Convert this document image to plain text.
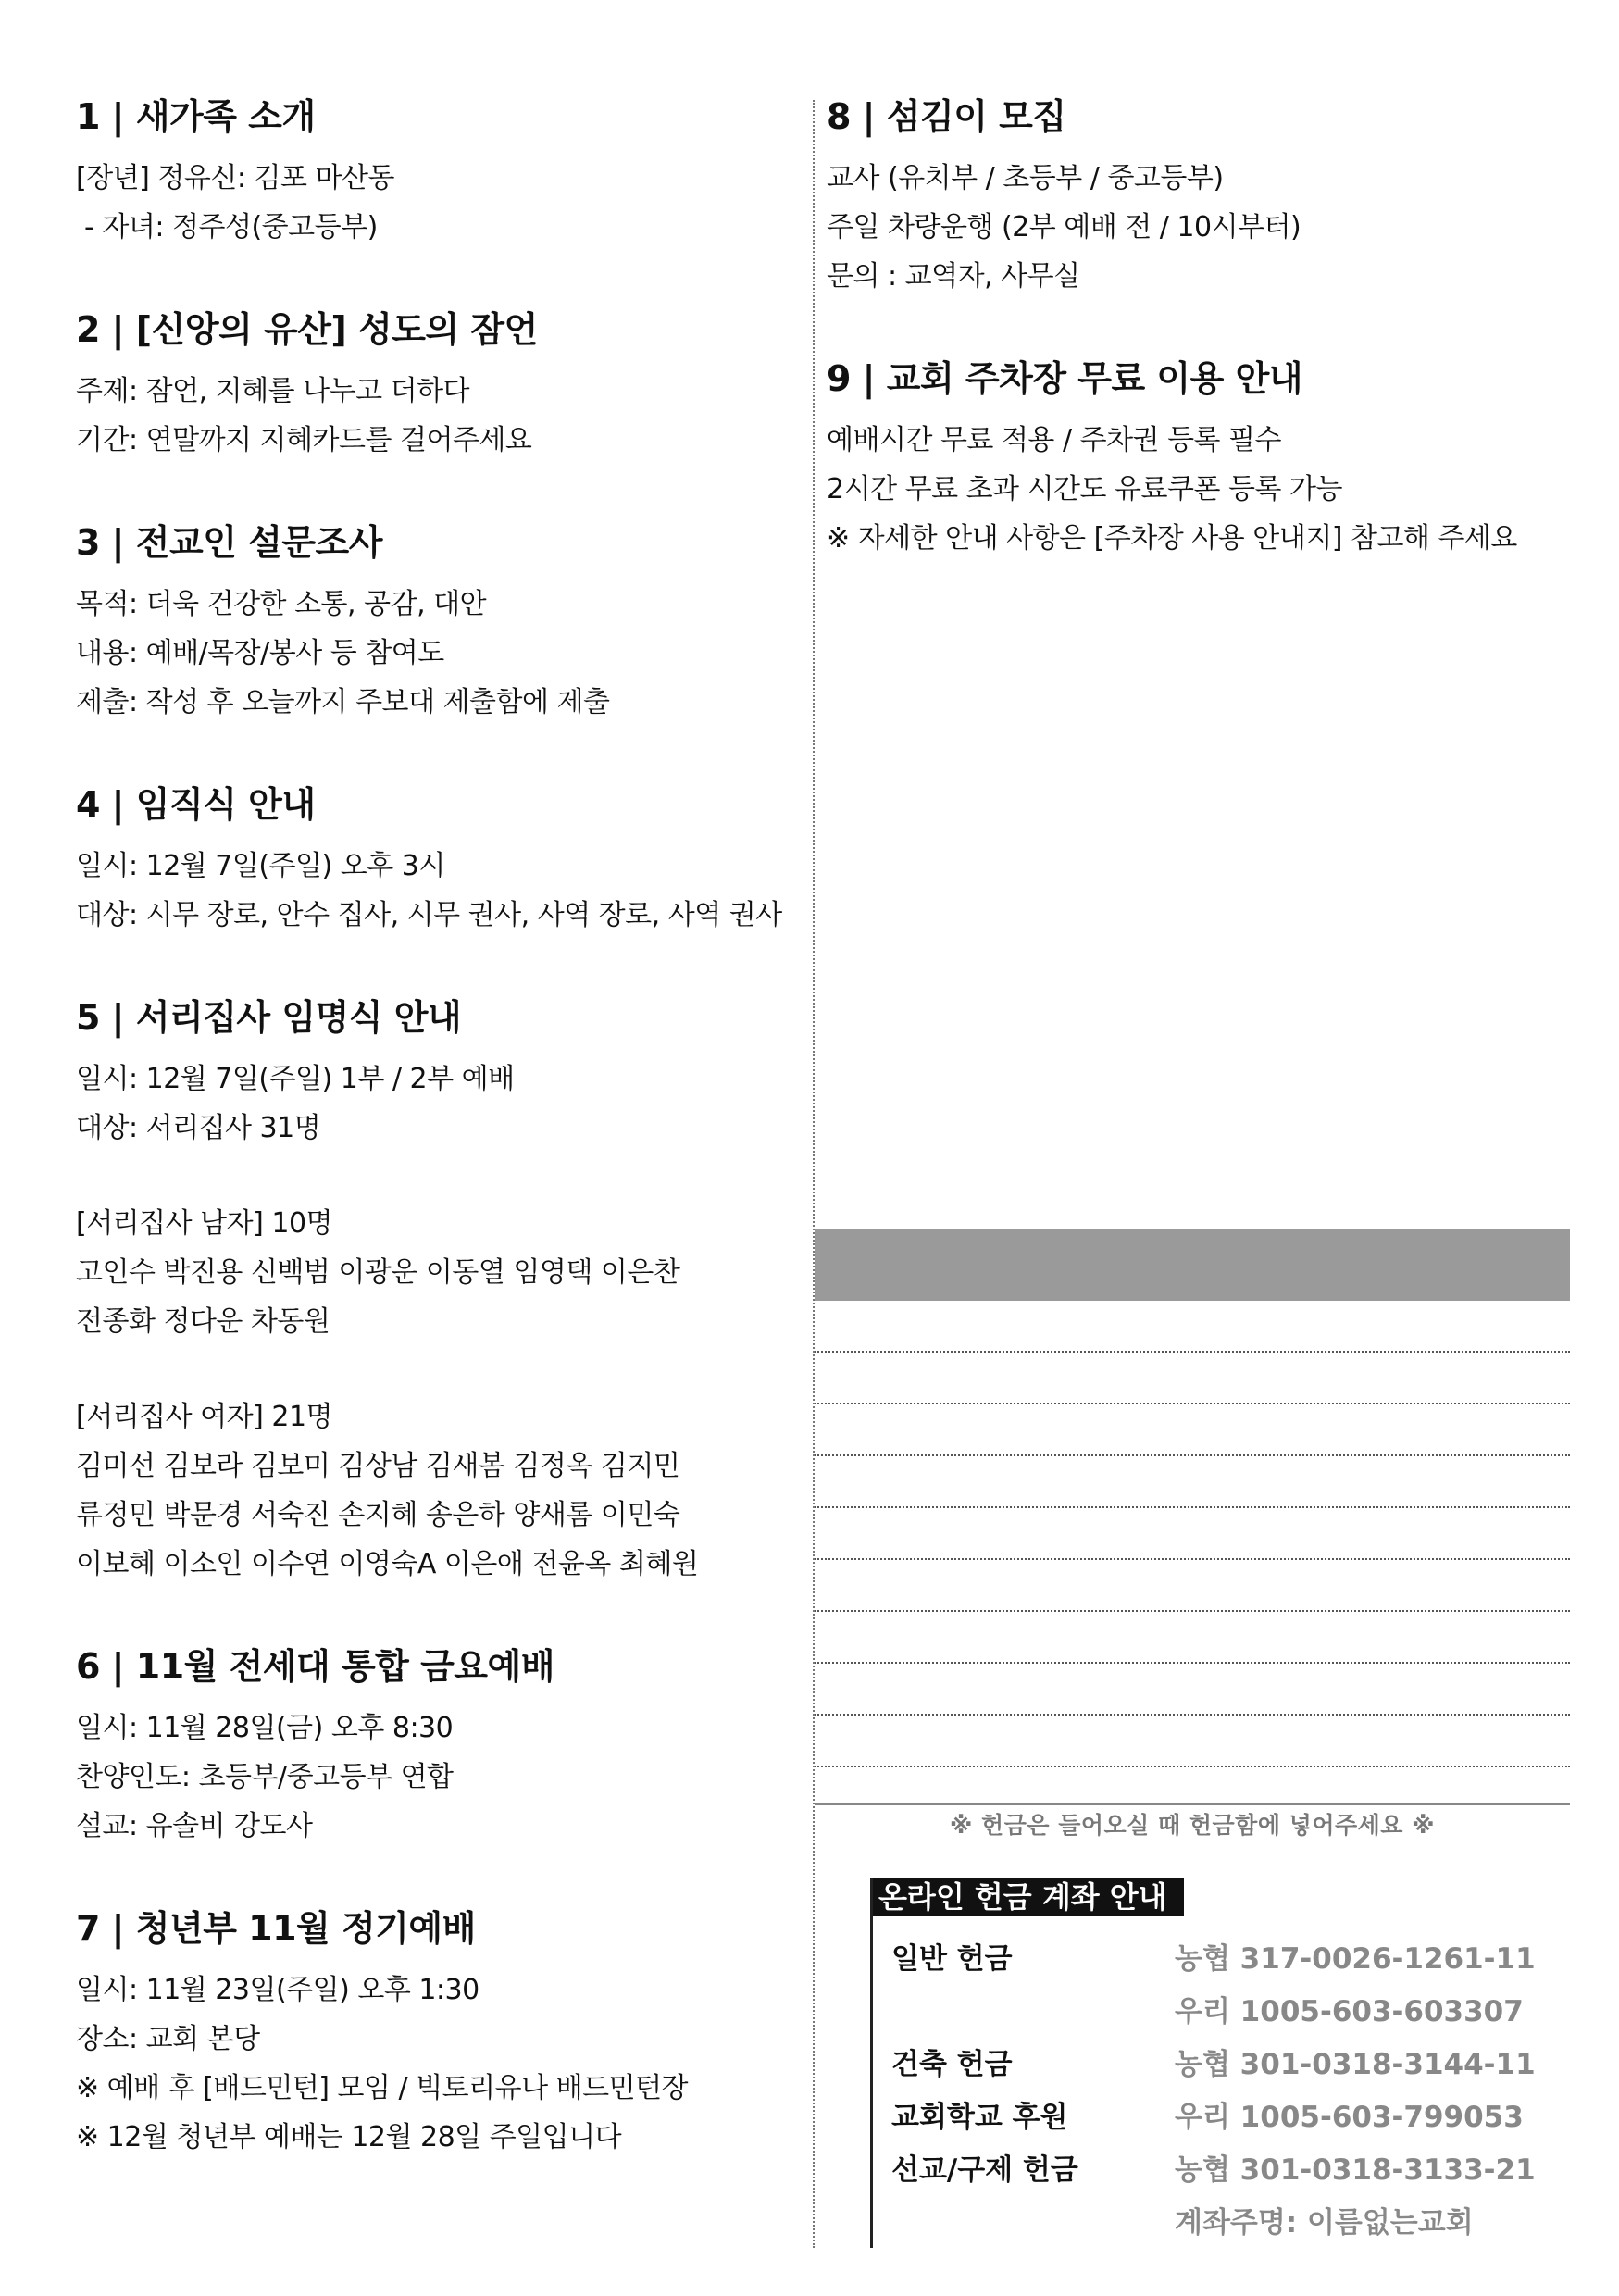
1 | 새가족 소개
[장년] 정유신: 김포 마산동
- 자녀: 정주성(중고등부)
2 | [신앙의 유산] 성도의 잠언
주제: 잠언, 지혜를 나누고 더하다
기간: 연말까지 지혜카드를 걸어주세요
3 | 전교인 설문조사
목적: 더욱 건강한 소통, 공감, 대안
내용: 예배/목장/봉사 등 참여도
제출: 작성 후 오늘까지 주보대 제출함에 제출
4 | 임직식 안내
일시: 12월 7일(주일) 오후 3시
대상: 시무 장로, 안수 집사, 시무 권사, 사역 장로, 사역 권사
5 | 서리집사 임명식 안내
일시: 12월 7일(주일) 1부 / 2부 예배
대상: 서리집사 31명
[서리집사 남자] 10명
고인수 박진용 신백범 이광운 이동열 임영택 이은찬
전종화 정다운 차동원
[서리집사 여자] 21명
김미선 김보라 김보미 김상남 김새봄 김정옥 김지민
류정민 박문경 서숙진 손지혜 송은하 양새롬 이민숙
이보혜 이소인 이수연 이영숙A 이은애 전윤옥 최혜원
6 | 11월 전세대 통합 금요예배
일시: 11월 28일(금) 오후 8:30
찬양인도: 초등부/중고등부 연합
설교: 유솔비 강도사
7 | 청년부 11월 정기예배
일시: 11월 23일(주일) 오후 1:30
장소: 교회 본당
※ 예배 후 [배드민턴] 모임 / 빅토리유나 배드민턴장
※ 12월 청년부 예배는 12월 28일 주일입니다
8 | 섬김이 모집
교사 (유치부 / 초등부 / 중고등부)
주일 차량운행 (2부 예배 전 / 10시부터)
문의 : 교역자, 사무실
9 | 교회 주차장 무료 이용 안내
예배시간 무료 적용 / 주차권 등록 필수
2시간 무료 초과 시간도 유료쿠폰 등록 가능
※ 자세한 안내 사항은 [주차장 사용 안내지] 참고해 주세요
※ 헌금은 들어오실 때 헌금함에 넣어주세요 ※
온라인 헌금 계좌 안내
일반 헌금	농협 317-0026-1261-11
우리 1005-603-603307
건축 헌금	농협 301-0318-3144-11
교회학교 후원	우리 1005-603-799053
선교/구제 헌금	농협 301-0318-3133-21
계좌주명: 이름없는교회
